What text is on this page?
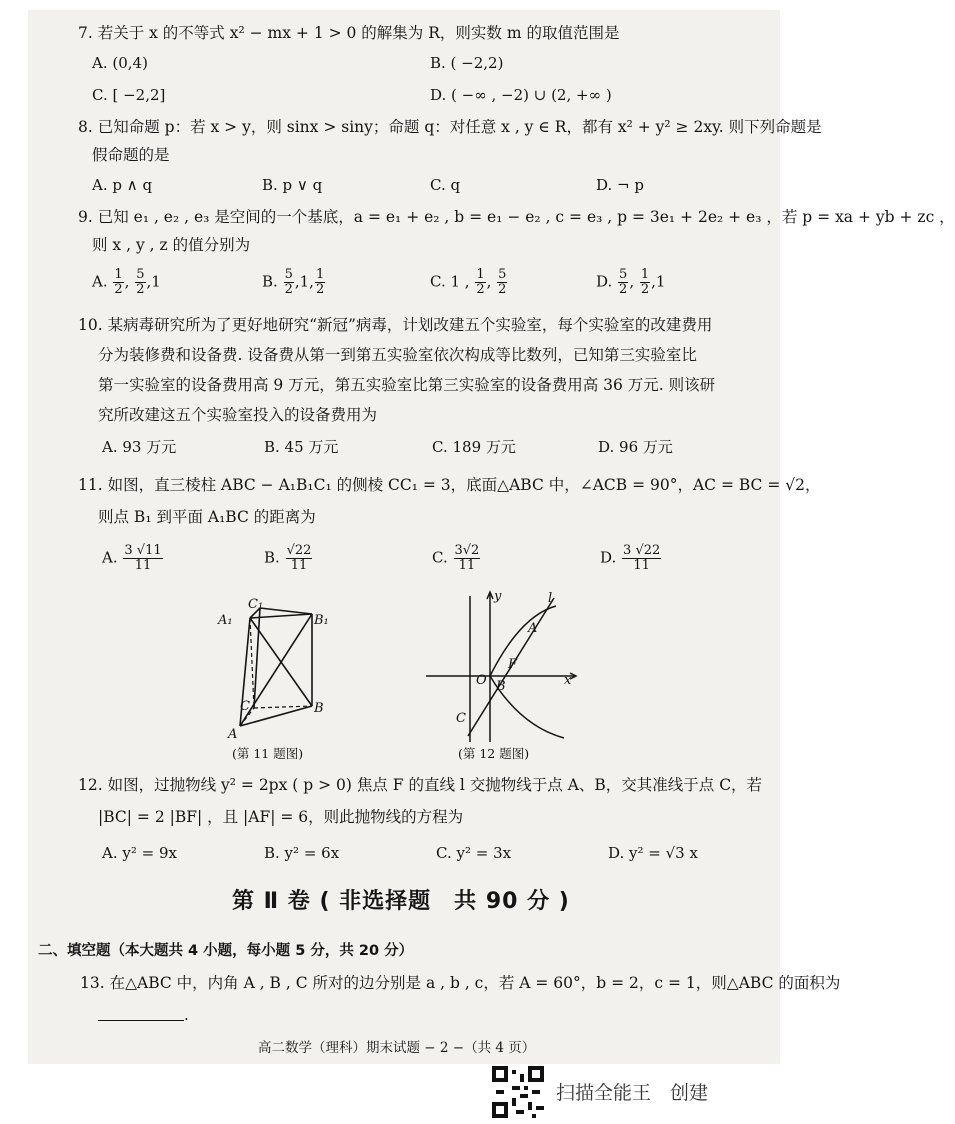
7. 若关于 x 的不等式 x² − mx + 1 > 0 的解集为 R，则实数 m 的取值范围是
A. (0,4)	B. ( −2,2)
C. [ −2,2]	D. ( −∞ , −2) ∪ (2, +∞ )
8. 已知命题 p：若 x > y，则 sinx > siny；命题 q：对任意 x , y ∈ R，都有 x² + y² ≥ 2xy. 则下列命题是
假命题的是
A. p ∧ q	B. p ∨ q	C. q	D. ¬ p
9. 已知 e₁ , e₂ , e₃ 是空间的一个基底，a = e₁ + e₂ , b = e₁ − e₂ , c = e₃ , p = 3e₁ + 2e₂ + e₃ ，若 p = xa + yb + zc ，
则 x , y , z 的值分别为
A. $\frac{1}{2}$ , $\frac{5}{2} ,1$	B. $\frac{5}{2} ,1$, $\frac{1}{2}$	C. 1 , $\frac{1}{2}$ , $\frac{5}{2}$	D. $\frac{5}{2}$ , $\frac{1}{2} ,1$
10. 某病毒研究所为了更好地研究“新冠”病毒，计划改建五个实验室，每个实验室的改建费用
分为装修费和设备费. 设备费从第一到第五实验室依次构成等比数列，已知第三实验室比
第一实验室的设备费用高 9 万元，第五实验室比第三实验室的设备费用高 36 万元. 则该研
究所改建这五个实验室投入的设备费用为
A. 93 万元	B. 45 万元	C. 189 万元	D. 96 万元
11. 如图，直三棱柱 ABC − A₁B₁C₁ 的侧棱 CC₁ = 3，底面△ABC 中，∠ACB = 90°，AC = BC = √2，
则点 B₁ 到平面 A₁BC 的距离为
A. $\frac{3 √11}{11}$	B. $\frac{√22}{11}$	C. $\frac{3√2}{11}$	D. $\frac{3 √22}{11}$
C₁
B₁
A₁
C	B
A
(第 11 题图)
y	l
A
F
O B	x
C
(第 12 题图)
12. 如图，过抛物线 y² = 2px ( p > 0) 焦点 F 的直线 l 交抛物线于点 A、B，交其准线于点 C，若
|BC| = 2 |BF| ，且 |AF| = 6，则此抛物线的方程为
A. y² = 9x	B. y² = 6x	C. y² = 3x	D. y² = √3 x
第 Ⅱ 卷 ( 非选择题　共 90 分 )
二、填空题（本大题共 4 小题，每小题 5 分，共 20 分）
13. 在△ABC 中，内角 A , B , C 所对的边分别是 a , b , c，若 A = 60°，b = 2，c = 1，则△ABC 的面积为
.
高二数学（理科）期末试题 − 2 −（共 4 页）
扫描全能王　创建
